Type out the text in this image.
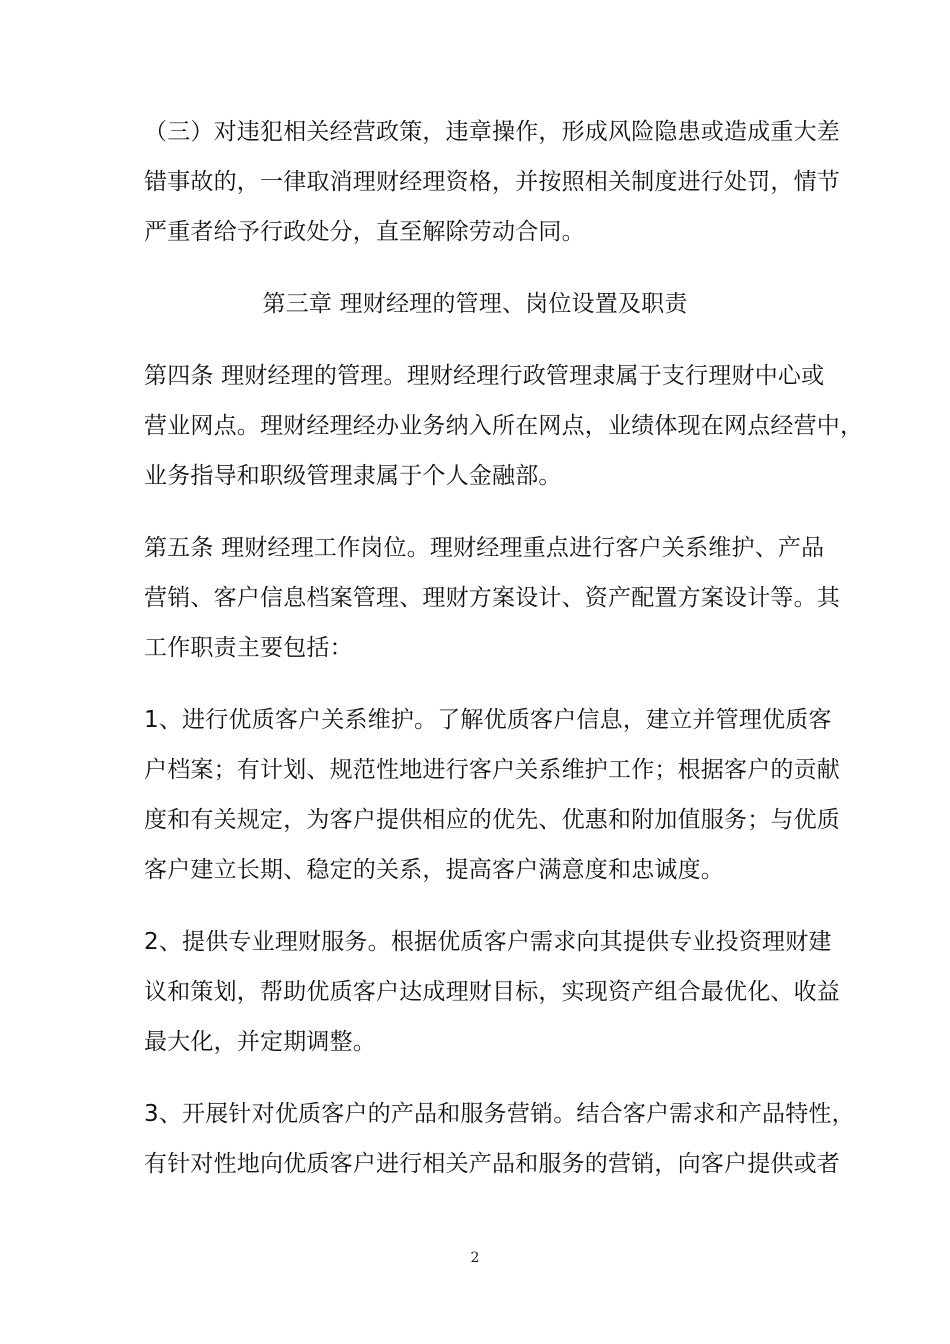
（三）对违犯相关经营政策，违章操作，形成风险隐患或造成重大差
错事故的，一律取消理财经理资格，并按照相关制度进行处罚，情节
严重者给予行政处分，直至解除劳动合同。
第三章 理财经理的管理、岗位设置及职责
第四条 理财经理的管理。理财经理行政管理隶属于支行理财中心或
营业网点。理财经理经办业务纳入所在网点，业绩体现在网点经营中，
业务指导和职级管理隶属于个人金融部。
第五条 理财经理工作岗位。理财经理重点进行客户关系维护、产品
营销、客户信息档案管理、理财方案设计、资产配置方案设计等。其
工作职责主要包括：
1、进行优质客户关系维护。了解优质客户信息，建立并管理优质客
户档案；有计划、规范性地进行客户关系维护工作；根据客户的贡献
度和有关规定，为客户提供相应的优先、优惠和附加值服务；与优质
客户建立长期、稳定的关系，提高客户满意度和忠诚度。
2、提供专业理财服务。根据优质客户需求向其提供专业投资理财建
议和策划，帮助优质客户达成理财目标，实现资产组合最优化、收益
最大化，并定期调整。
3、开展针对优质客户的产品和服务营销。结合客户需求和产品特性，
有针对性地向优质客户进行相关产品和服务的营销，向客户提供或者
2
